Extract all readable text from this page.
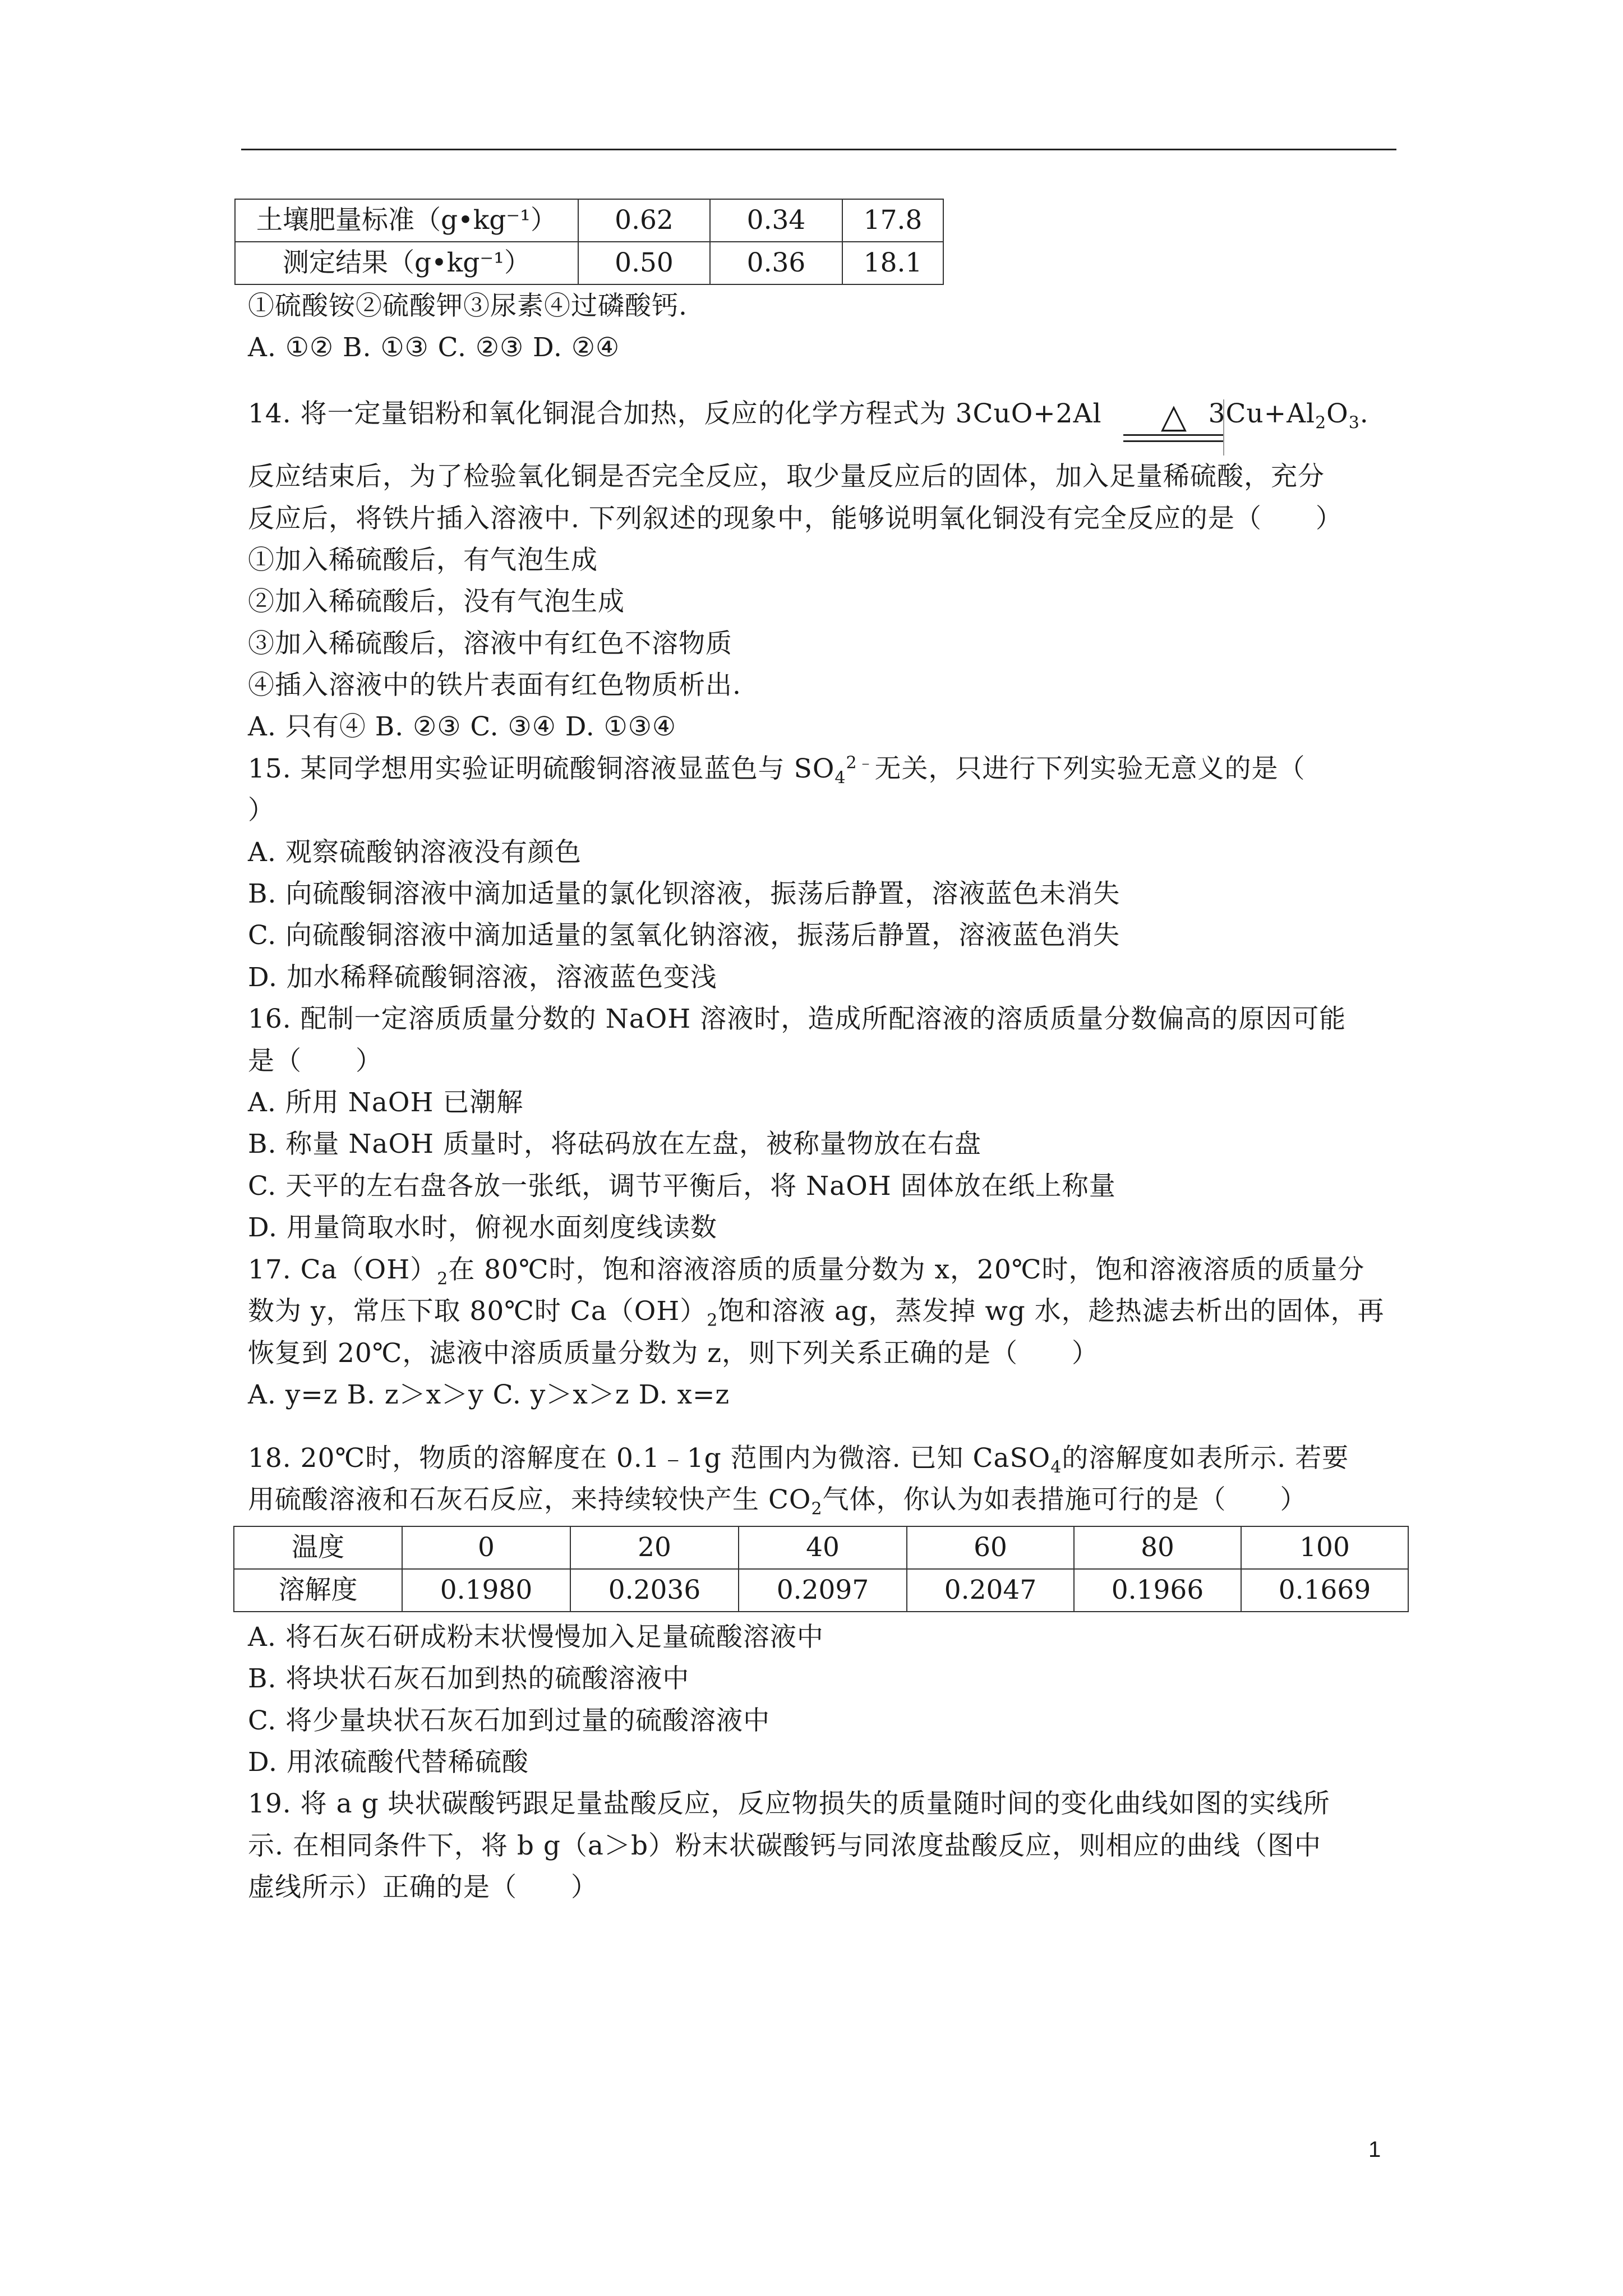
土壤肥量标准（g•kg⁻¹）	0.62	0.34	17.8
测定结果（g•kg⁻¹）	0.50	0.36	18.1
①硫酸铵②硫酸钾③尿素④过磷酸钙.
A. ①② B. ①③ C. ②③ D. ②④
14. 将一定量铝粉和氧化铜混合加热，反应的化学方程式为 3CuO+2Al	$3Cu+Al_2O_3$.
△
反应结束后，为了检验氧化铜是否完全反应，取少量反应后的固体，加入足量稀硫酸，充分
反应后，将铁片插入溶液中. 下列叙述的现象中，能够说明氧化铜没有完全反应的是（　　）
①加入稀硫酸后，有气泡生成
②加入稀硫酸后，没有气泡生成
③加入稀硫酸后，溶液中有红色不溶物质
④插入溶液中的铁片表面有红色物质析出.
A. 只有④ B. ②③ C. ③④ D. ①③④
15. 某同学想用实验证明硫酸铜溶液显蓝色与 $SO_4^{2﹣}$无关，只进行下列实验无意义的是（
）
A. 观察硫酸钠溶液没有颜色
B. 向硫酸铜溶液中滴加适量的氯化钡溶液，振荡后静置，溶液蓝色未消失
C. 向硫酸铜溶液中滴加适量的氢氧化钠溶液，振荡后静置，溶液蓝色消失
D. 加水稀释硫酸铜溶液，溶液蓝色变浅
16. 配制一定溶质质量分数的 NaOH 溶液时，造成所配溶液的溶质质量分数偏高的原因可能
是（　　）
A. 所用 NaOH 已潮解
B. 称量 NaOH 质量时，将砝码放在左盘，被称量物放在右盘
C. 天平的左右盘各放一张纸，调节平衡后，将 NaOH 固体放在纸上称量
D. 用量筒取水时，俯视水面刻度线读数
17. $Ca(OH)_2$在 80℃时，饱和溶液溶质的质量分数为 x，20℃时，饱和溶液溶质的质量分
数为 y，常压下取 80℃时 $Ca(OH)_2$饱和溶液 ag，蒸发掉 wg 水，趁热滤去析出的固体，再
恢复到 20℃，滤液中溶质质量分数为 z，则下列关系正确的是（　　）
A. y=z B. z＞x＞y C. y＞x＞z D. x=z
18. 20℃时，物质的溶解度在 0.1﹣1g 范围内为微溶. 已知 CaSO$_4$的溶解度如表所示. 若要
用硫酸溶液和石灰石反应，来持续较快产生 $CO_2$气体，你认为如表措施可行的是（　　）
温度	0	20	40	60	80	100
溶解度	0.1980	0.2036	0.2097	0.2047	0.1966	0.1669
A. 将石灰石研成粉末状慢慢加入足量硫酸溶液中
B. 将块状石灰石加到热的硫酸溶液中
C. 将少量块状石灰石加到过量的硫酸溶液中
D. 用浓硫酸代替稀硫酸
19. 将 a g 块状碳酸钙跟足量盐酸反应，反应物损失的质量随时间的变化曲线如图的实线所
示. 在相同条件下，将 b g（a＞b）粉末状碳酸钙与同浓度盐酸反应，则相应的曲线（图中
虚线所示）正确的是（　　）
1
